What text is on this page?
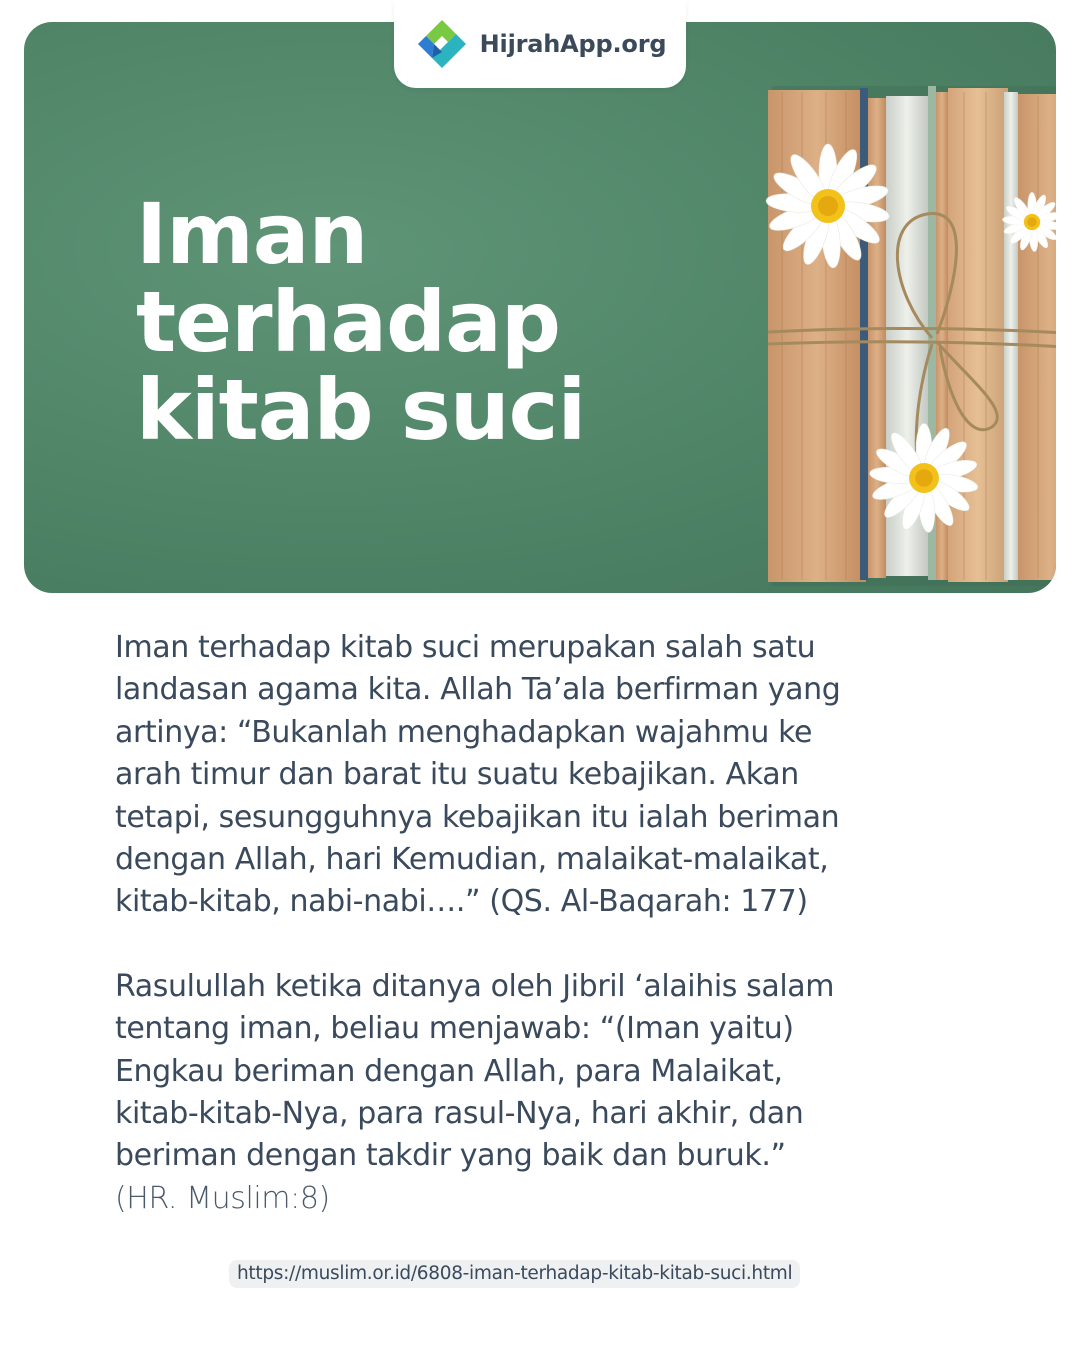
Iman
terhadap
kitab suci
HijrahApp.org

Iman terhadap kitab suci merupakan salah satu
landasan agama kita. Allah Ta’ala berfirman yang
artinya: “Bukanlah menghadapkan wajahmu ke
arah timur dan barat itu suatu kebajikan. Akan
tetapi, sesungguhnya kebajikan itu ialah beriman
dengan Allah, hari Kemudian, malaikat-malaikat,
kitab-kitab, nabi-nabi….” (QS. Al-Baqarah: 177)

Rasulullah ketika ditanya oleh Jibril ‘alaihis salam
tentang iman, beliau menjawab: “(Iman yaitu)
Engkau beriman dengan Allah, para Malaikat,
kitab-kitab-Nya, para rasul-Nya, hari akhir, dan
beriman dengan takdir yang baik dan buruk.”
(HR. Muslim:8)

https://muslim.or.id/6808-iman-terhadap-kitab-kitab-suci.html
